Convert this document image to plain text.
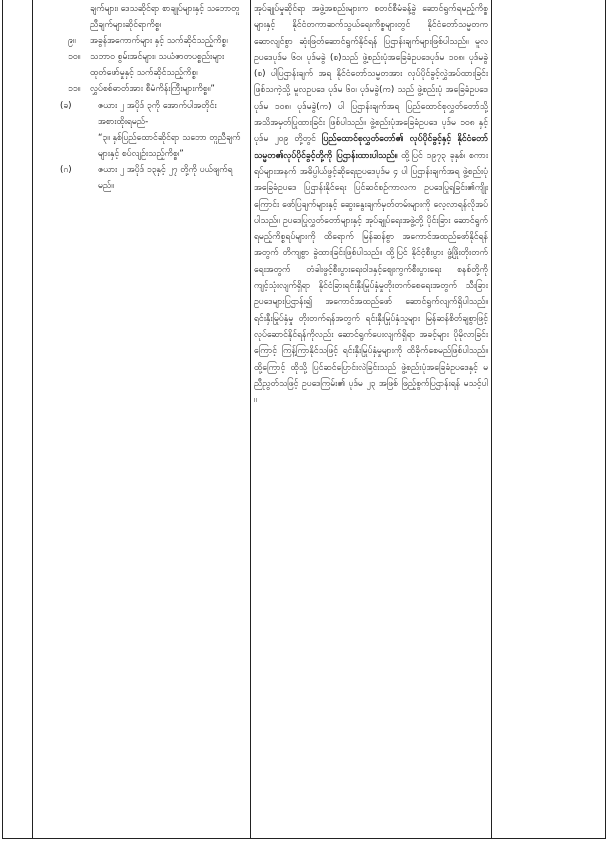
ချက်များ၊ ဒေသဆိုင်ရာ စာချုပ်များနှင့် သဘောတူညီချက်များဆိုင်ရာကိစ္စ၊

၉။ အခွန်အကောက်များ နှင့် သက်ဆိုင်သည့်ကိစ္စ၊

၁၀။ သဘာဝ စွမ်းအင်များ၊ သယံဇာတပစ္စည်းများထုတ်ဖော်မှုနှင့် သက်ဆိုင်သည့်ကိစ္စ၊

၁၁။ လွှပ်စစ်ဓာတ်အား စီမံကိန်းကြီးများကိစ္စ။”

(ခ)	ဇယား ၂ အပိုဒ် ၃ကို အောက်ပါအတိုင်း အစားထိုးရမည်-

“၃။ နှစ်ပြည်ထောင်ဆိုင်ရာ သဘော တူညီချက်များနှင့် စပ်လျဉ်းသည့်ကိစ္စ၊”

(ဂ)	ဇယား ၂ အပိုဒ် ၁၃နှင့် ၂၇ တို့ကို ပယ်ဖျက်ရမည်။

အုပ်ချုပ်မှုဆိုင်ရာ အဖွဲ့အစည်းများက စတင်စီမံခန့်ခွဲ ဆောင်ရွက်ရမည့်ကိစ္စများနှင့် နိုင်ငံတကာဆက်သွယ်ရေးကိစ္စများတွင် နိုင်ငံတော်သမ္မတကဆောလျင်စွာ ဆုံးဖြတ်ဆောင်ရွက်နိုင်ရန် ပြဌာန်းချက်များဖြစ်ပါသည်။ မူလဥပဒေပုဒ်မ ၆၀၊ ပုဒ်မခွဲ (စ)သည် ဖွဲ့စည်းပုံအခြေခံဥပဒေပုဒ်မ ၁၀၈၊ ပုဒ်မခွဲ (စ) ပါပြဌာန်းချက် အရ နိုင်ငံတော်သမ္မတအား လုပ်ပိုင်ခွင့်လွှဲအပ်ထားခြင်း ဖြစ်သကဲ့သို့ မူလဥပဒေ ပုဒ်မ ၆၀၊ ပုဒ်မခွဲ(က) သည် ဖွဲ့စည်းပုံ အခြေခံဥပဒေပုဒ်မ ၁၀၈၊ ပုဒ်မခွဲ(က) ပါ ပြဌာန်းချက်အရ ပြည်ထောင်စုလွှတ်တော်သို့ အသိအမှတ်ပြုထားခြင်း ဖြစ်ပါသည်။ ဖွဲ့စည်းပုံအခြေခံဥပဒေ ပုဒ်မ ၁၀၈ နှင့် ပုဒ်မ ၂၀၉ တို့တွင် ပြည်ထောင်စုလွှတ်တော်၏ လုပ်ပိုင်ခွင့်နှင့် နိုင်ငံတော်သမ္မတ၏လုပ်ပိုင်ခွင့်တို့ကို ပြဌာန်းထားပါသည်။ ထို့ပြင် ၁၉၇၃ ခုနှစ်၊ စကားရပ်များအနက် အဓိပ္ပါယ်ဖွင့်ဆိုရေးဥပဒေပုဒ်မ ၄ ပါ ပြဌာန်းချက်အရ ဖွဲ့စည်းပုံအခြေခံဥပဒေ ပြဌာန်းနိုင်ရေး ပြင်ဆင်စဉ်ကာလက ဥပဒေပြုရခြင်း၏ကျိုးကြောင်း ဖော်ပြချက်များနှင့် ဆွေးနွေးချက်မှတ်တမ်းများကို လေ့လာရန်လိုအပ်ပါသည်။ ဥပဒေပြုလွှတ်တော်များနှင့် အုပ်ချုပ်ရေးအဖွဲ့တို့ ပိုင်းခြား ဆောင်ရွက်ရမည့်ကိစ္စရပ်များကို ထိရောက် မြန်ဆန်စွာ အကောင်အထည်ဖော်နိုင်ရန်အတွက် တိကျစွာ ခွဲထားခြင်းဖြစ်ပါသည်။ ထို့ပြင် နိုင်ငံ့စီးပွား ဖွံ့ဖြိုးတိုးတက်ရေးအတွက် တံခါးဖွင့်စီးပွားရေးဝါဒနှင့်ဈေးကွက်စီးပွားရေး စနစ်တို့ကို ကျင့်သုံးလျက်ရှိရာ နိုင်ငံခြားရင်းနှီးမြုပ်နှံမှုတိုးတက်စေရေးအတွက် သီးခြားဥပဒေများပြဌာန်း၍ အကောင်အထည်ဖော် ဆောင်ရွက်လျက်ရှိပါသည်။ ရင်းနှီးမြုပ်နှံမှု တိုးတက်ရန်အတွက် ရင်းနှီးမြုပ်နှံသူများ မြန်ဆန်စိတ်ချစွာဖြင့် လုပ်ဆောင်နိုင်ရန်ကိုလည်း ဆောင်ရွက်ပေးလျက်ရှိရာ အခင့်များ ပိုမိုလာခြင်းကြောင့် ကြန့်ကြာနိုင်သဖြင့် ရင်းနှီးမြုပ်နှံမှုများကို ထိခိုက်စေမည်ဖြစ်ပါသည်။ ထို့ကြောင့် ထိုသို့ ပြင်ဆင်ပြောင်းလဲခြင်းသည် ဖွဲ့စည်းပုံအခြေခံဥပဒေနှင့် မညီညွတ်သဖြင့် ဥပဒေကြမ်း၏ ပုဒ်မ ၂၃ အဖြစ် ဖြည့်စွက်ပြဌာန်းရန် မသင့်ပါ ။
